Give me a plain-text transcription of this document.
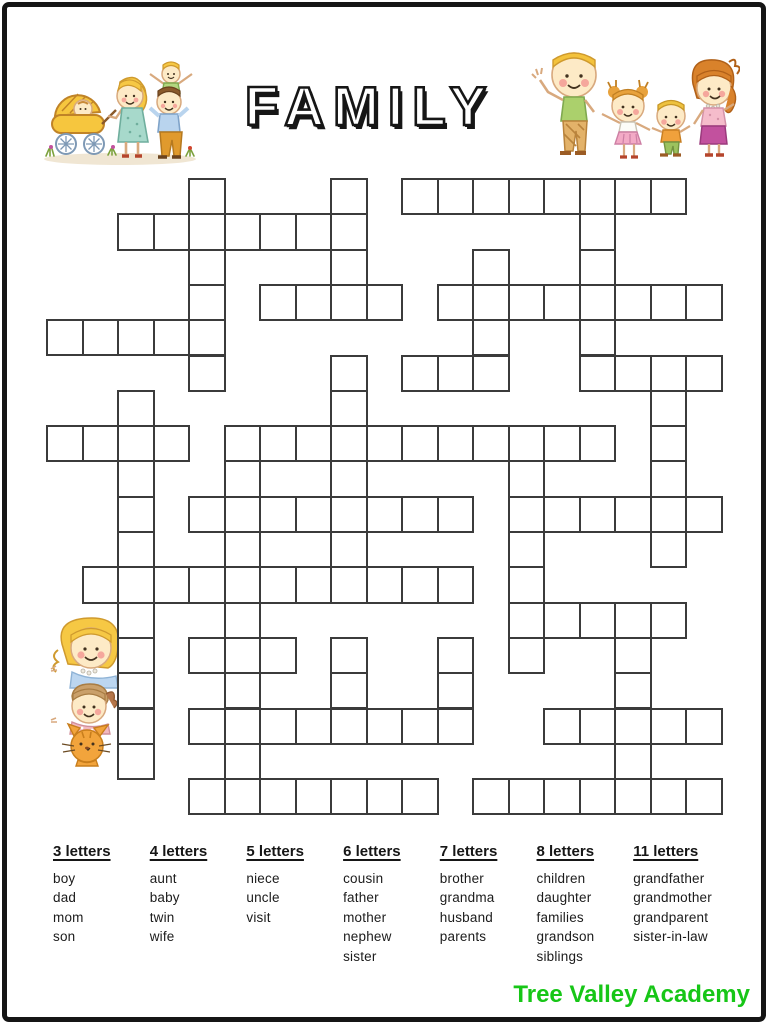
FAMILY
3 letters
boy
dad
mom
son
4 letters
aunt
baby
twin
wife
5 letters
niece
uncle
visit
6 letters
cousin
father
mother
nephew
sister
7 letters
brother
grandma
husband
parents
8 letters
children
daughter
families
grandson
siblings
11 letters
grandfather
grandmother
grandparent
sister-in-law
Tree Valley Academy
